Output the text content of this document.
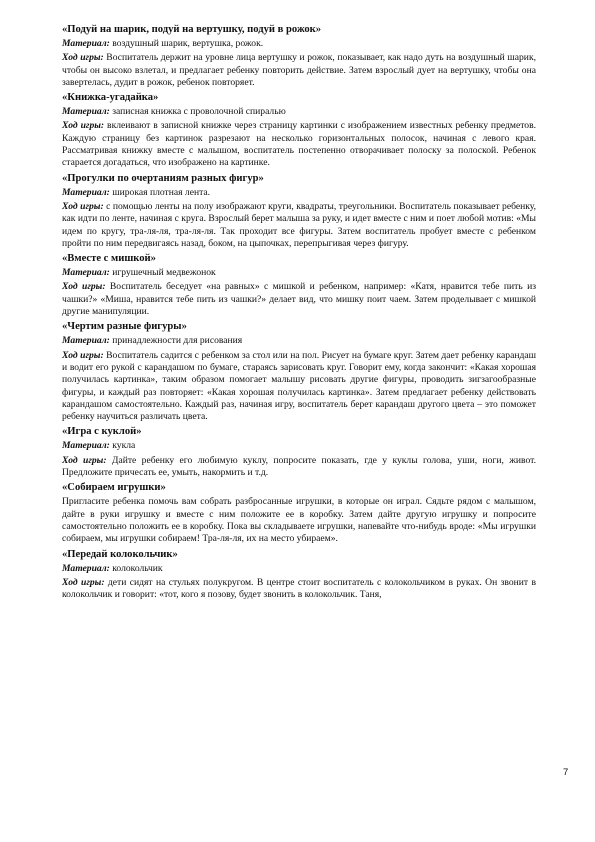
«Подуй на шарик, подуй на вертушку, подуй в рожок»
Материал: воздушный шарик, вертушка, рожок.
Ход игры: Воспитатель держит на уровне лица вертушку и рожок, показывает, как надо дуть на воздушный шарик, чтобы он высоко взлетал, и предлагает ребенку повторить действие. Затем взрослый дует на вертушку, чтобы она завертелась, дудит в рожок, ребенок повторяет.
«Книжка-угадайка»
Материал: записная книжка с проволочной спиралью
Ход игры: вклеивают в записной книжке через страницу картинки с изображением известных ребенку предметов. Каждую страницу без картинок разрезают на несколько горизонтальных полосок, начиная с левого края. Рассматривая книжку вместе с малышом, воспитатель постепенно отворачивает полоску за полоской. Ребенок старается догадаться, что изображено на картинке.
«Прогулки по очертаниям разных фигур»
Материал: широкая плотная лента.
Ход игры: с помощью ленты на полу изображают круги, квадраты, треугольники. Воспитатель показывает ребенку, как идти по ленте, начиная с круга. Взрослый берет малыша за руку, и идет вместе с ним и поет любой мотив: «Мы идем по кругу, тра-ля-ля, тра-ля-ля. Так проходит все фигуры. Затем воспитатель пробует вместе с ребенком пройти по ним передвигаясь назад, боком, на цыпочках, перепрыгивая через фигуру.
«Вместе с мишкой»
Материал: игрушечный медвежонок
Ход игры: Воспитатель беседует «на равных» с мишкой и ребенком, например: «Катя, нравится тебе пить из чашки?» «Миша, нравится тебе пить из чашки?» делает вид, что мишку поит чаем. Затем проделывает с мишкой другие манипуляции.
«Чертим разные фигуры»
Материал: принадлежности для рисования
Ход игры: Воспитатель садится с ребенком за стол или на пол. Рисует на бумаге круг. Затем дает ребенку карандаш и водит его рукой с карандашом по бумаге, стараясь зарисовать круг. Говорит ему, когда закончит: «Какая хорошая получилась картинка», таким образом помогает малышу рисовать другие фигуры, проводить зигзагообразные фигуры, и каждый раз повторяет: «Какая хорошая получилась картинка». Затем предлагает ребенку действовать карандашом самостоятельно. Каждый раз, начиная игру, воспитатель берет карандаш другого цвета – это поможет ребенку научиться различать цвета.
«Игра с куклой»
Материал: кукла
Ход игры: Дайте ребенку его любимую куклу, попросите показать, где у куклы голова, уши, ноги, живот. Предложите причесать ее, умыть, накормить и т.д.
«Собираем игрушки»
Пригласите ребенка помочь вам собрать разбросанные игрушки, в которые он играл. Сядьте рядом с малышом, дайте в руки игрушку и вместе с ним положите ее в коробку. Затем дайте другую игрушку и попросите самостоятельно положить ее в коробку. Пока вы складываете игрушки, напевайте что-нибудь вроде: «Мы игрушки собираем, мы игрушки собираем! Тра-ля-ля, их на место убираем».
«Передай колокольчик»
Материал: колокольчик
Ход игры: дети сидят на стульях полукругом. В центре стоит воспитатель с колокольчиком в руках. Он звонит в колокольчик и говорит: «тот, кого я позову, будет звонить в колокольчик. Таня,
7
